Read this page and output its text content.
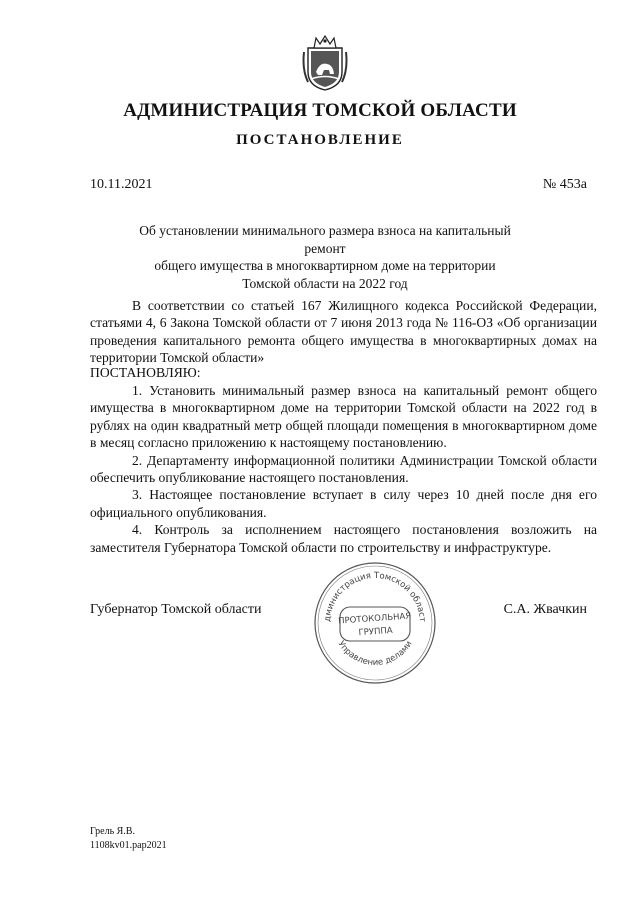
АДМИНИСТРАЦИЯ ТОМСКОЙ ОБЛАСТИ
ПОСТАНОВЛЕНИЕ
10.11.2021	№ 453а
Об установлении минимального размера взноса на капитальный ремонт
общего имущества в многоквартирном доме на территории
Томской области на 2022 год

В соответствии со статьей 167 Жилищного кодекса Российской Федерации, статьями 4, 6 Закона Томской области от 7 июня 2013 года № 116-ОЗ «Об организации проведения капитального ремонта общего имущества в многоквартирных домах на территории Томской области»

ПОСТАНОВЛЯЮ:

1. Установить минимальный размер взноса на капитальный ремонт общего имущества в многоквартирном доме на территории Томской области на 2022 год в рублях на один квадратный метр общей площади помещения в многоквартирном доме в месяц согласно приложению к настоящему постановлению.

2. Департаменту информационной политики Администрации Томской области обеспечить опубликование настоящего постановления.

3. Настоящее постановление вступает в силу через 10 дней после дня его официального опубликования.

4. Контроль за исполнением настоящего постановления возложить на заместителя Губернатора Томской области по строительству и инфраструктуре.

Губернатор Томской области	С.А. Жвачкин
дминистрация Томской област
Управление делами
ПРОТОКОЛЬНАЯ
ГРУППА
Грель Я.В.
1108kv01.pap2021
